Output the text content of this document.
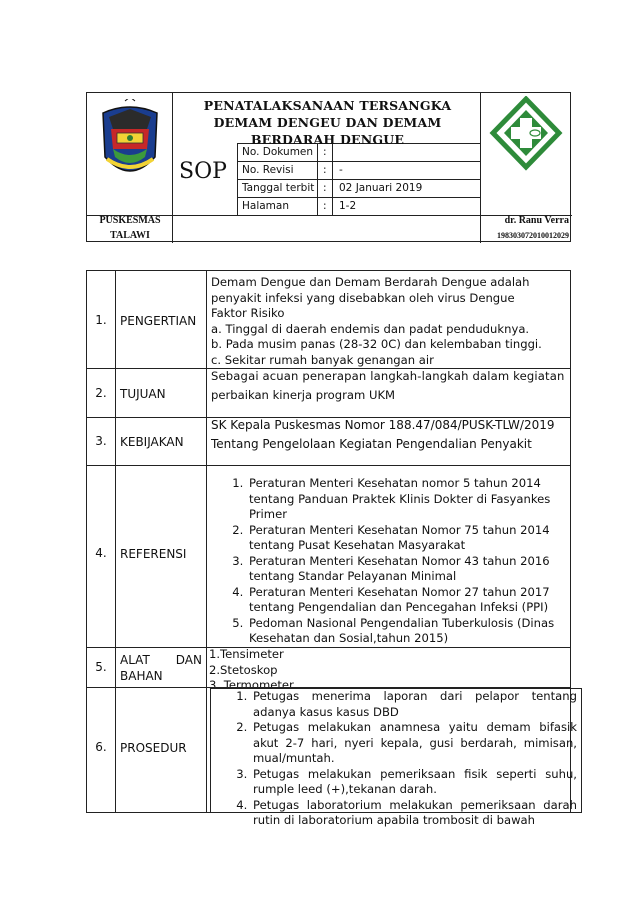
PENATALAKSANAAN TERSANGKA DEMAM DENGEU DAN DEMAM BERDARAH DENGUE
SOP
No. Dokumen :
No. Revisi	: -
Tanggal terbit : 02 Januari 2019
Halaman	: 1-2
PUSKESMAS
TALAWI
dr. Ranu Verra
198303072010012029
1.	PENGERTIAN

Demam Dengue dan Demam Berdarah Dengue adalah

penyakit infeksi yang disebabkan oleh virus Dengue

Faktor Risiko

a. Tinggal di daerah endemis dan padat penduduknya.

b. Pada musim panas (28-32 0C) dan kelembaban tinggi.

c. Sekitar rumah banyak genangan air

2.	TUJUAN

Sebagai acuan penerapan langkah-langkah dalam kegiatan

perbaikan kinerja program UKM

3.	KEBIJAKAN

SK Kepala Puskesmas Nomor 188.47/084/PUSK-TLW/2019

Tentang Pengelolaan Kegiatan Pengendalian Penyakit

4.	REFERENSI
1. Peraturan Menteri Kesehatan nomor 5 tahun 2014 tentang Panduan Praktek Klinis Dokter di Fasyankes Primer
2. Peraturan Menteri Kesehatan Nomor 75 tahun 2014 tentang Pusat Kesehatan Masyarakat
3. Peraturan Menteri Kesehatan Nomor 43 tahun 2016 tentang Standar Pelayanan Minimal
4. Peraturan Menteri Kesehatan Nomor 27 tahun 2017 tentang Pengendalian dan Pencegahan Infeksi (PPI)
5. Pedoman Nasional Pengendalian Tuberkulosis (Dinas Kesehatan dan Sosial,tahun 2015)
5.	ALAT DAN BAHAN

1.Tensimeter

2.Stetoskop

3. Termometer

6.	PROSEDUR
1. Petugas menerima laporan dari pelapor tentang adanya kasus kasus DBD
2. Petugas melakukan anamnesa yaitu demam bifasik akut 2-7 hari, nyeri kepala, gusi berdarah, mimisan, mual/muntah.
3. Petugas melakukan pemeriksaan fisik seperti suhu, rumple leed (+),tekanan darah.
4. Petugas laboratorium melakukan pemeriksaan darah rutin di laboratorium apabila trombosit di bawah
